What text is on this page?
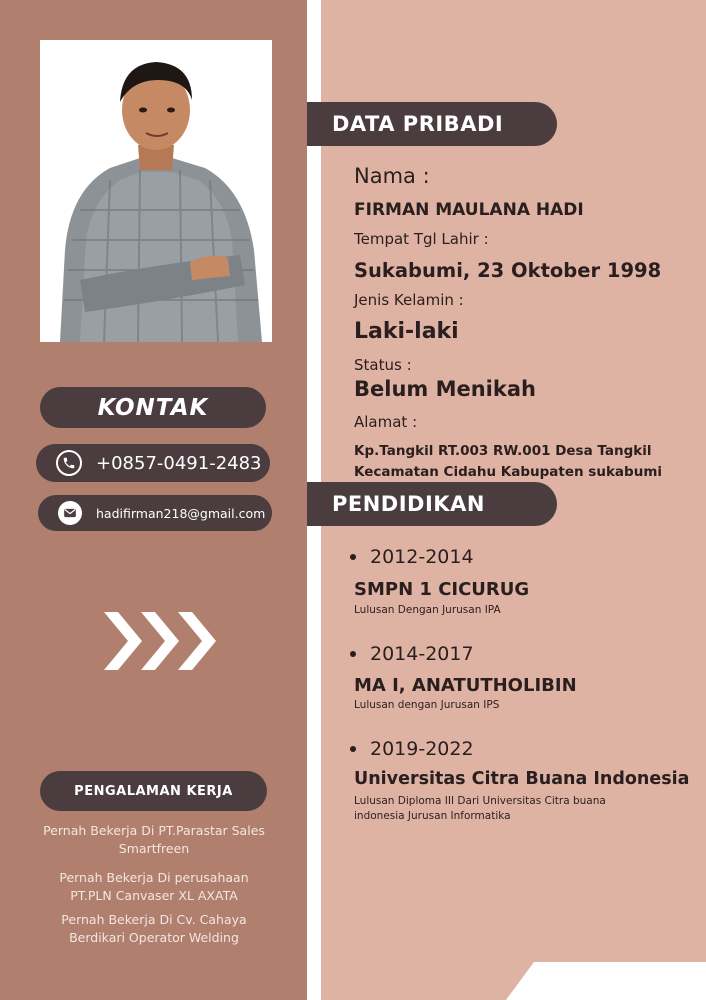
KONTAK
+0857-0491-2483
hadifirman218@gmail.com
PENGALAMAN KERJA
Pernah Bekerja Di PT.Parastar Sales Smartfreen
Pernah Bekerja Di perusahaan PT.PLN Canvaser XL AXATA
Pernah Bekerja Di Cv. Cahaya Berdikari Operator Welding
DATA PRIBADI
Nama :
FIRMAN MAULANA HADI
Tempat Tgl Lahir :
Sukabumi, 23 Oktober 1998
Jenis Kelamin :
Laki-laki
Status :
Belum Menikah
Alamat :
Kp.Tangkil RT.003 RW.001 Desa Tangkil Kecamatan Cidahu Kabupaten sukabumi
PENDIDIKAN
2012-2014
SMPN 1 CICURUG
Lulusan Dengan Jurusan IPA
2014-2017
MA I, ANATUTHOLIBIN
Lulusan dengan Jurusan IPS
2019-2022
Universitas Citra Buana Indonesia
Lulusan Diploma III Dari Universitas Citra buana indonesia Jurusan Informatika
